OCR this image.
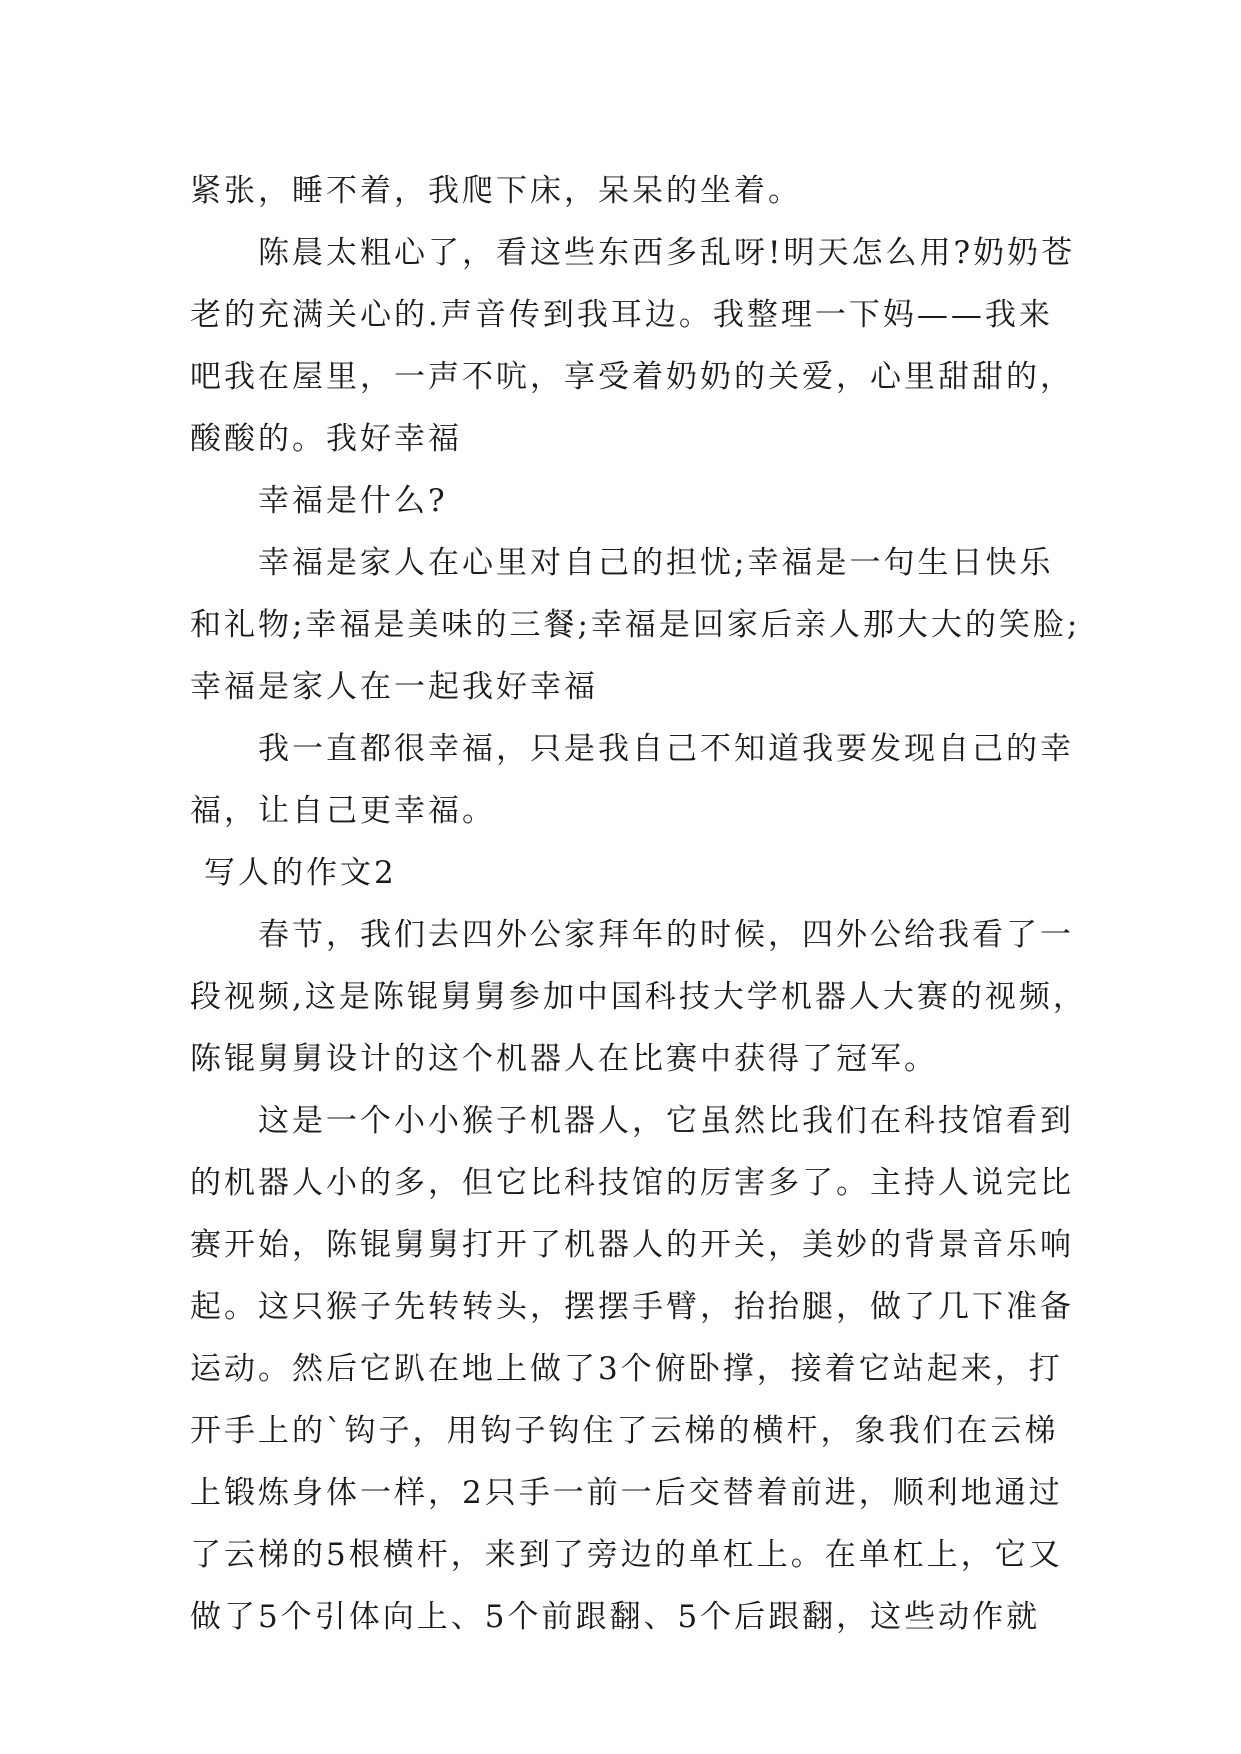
紧张，睡不着，我爬下床，呆呆的坐着。
陈晨太粗心了，看这些东西多乱呀!明天怎么用?奶奶苍
老的充满关心的.声音传到我耳边。我整理一下妈——我来
吧我在屋里，一声不吭，享受着奶奶的关爱，心里甜甜的，
酸酸的。我好幸福
幸福是什么?
幸福是家人在心里对自己的担忧;幸福是一句生日快乐
和礼物;幸福是美味的三餐;幸福是回家后亲人那大大的笑脸;
幸福是家人在一起我好幸福
我一直都很幸福，只是我自己不知道我要发现自己的幸
福，让自己更幸福。
写人的作文2
春节，我们去四外公家拜年的时候，四外公给我看了一
段视频,这是陈锟舅舅参加中国科技大学机器人大赛的视频，
陈锟舅舅设计的这个机器人在比赛中获得了冠军。
这是一个小小猴子机器人，它虽然比我们在科技馆看到
的机器人小的多，但它比科技馆的厉害多了。主持人说完比
赛开始，陈锟舅舅打开了机器人的开关，美妙的背景音乐响
起。这只猴子先转转头，摆摆手臂，抬抬腿，做了几下准备
运动。然后它趴在地上做了3个俯卧撑，接着它站起来，打
开手上的`钩子，用钩子钩住了云梯的横杆，象我们在云梯
上锻炼身体一样，2只手一前一后交替着前进，顺利地通过
了云梯的5根横杆，来到了旁边的单杠上。在单杠上，它又
做了5个引体向上、5个前跟翻、5个后跟翻，这些动作就
